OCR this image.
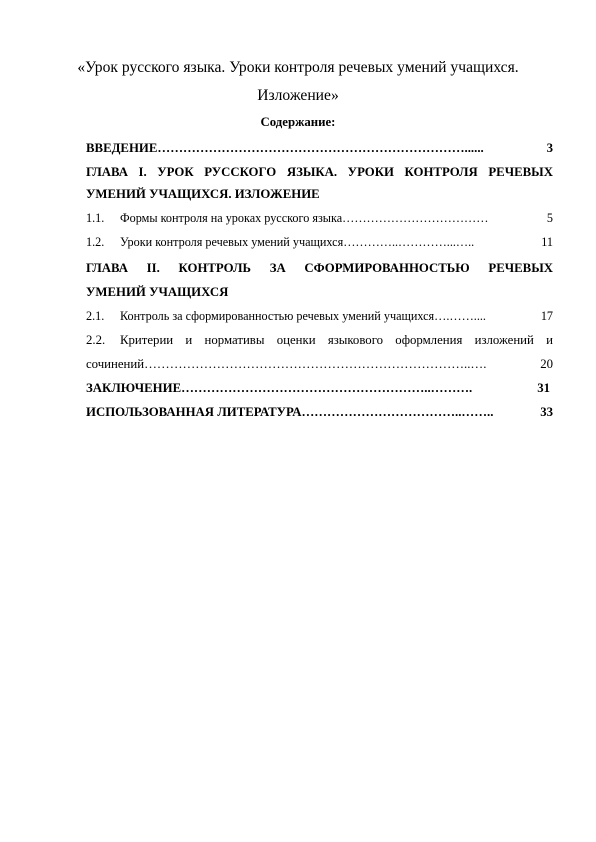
«Урок русского языка. Уроки контроля речевых умений учащихся.
Изложение»
Содержание:
ВВЕДЕНИЕ ………………………………………………………………......	3
ГЛАВА I. УРОК РУССКОГО ЯЗЫКА. УРОКИ КОНТРОЛЯ РЕЧЕВЫХ
УМЕНИЙ УЧАЩИХСЯ. ИЗЛОЖЕНИЕ
1.1.	Формы контроля на уроках русского языка ………………………………	5
1.2.	Уроки контроля речевых умений учащихся …………..…………...…..	11
ГЛАВА II. КОНТРОЛЬ ЗА СФОРМИРОВАННОСТЬЮ РЕЧЕВЫХ
УМЕНИЙ УЧАЩИХСЯ
2.1.	Контроль за сформированностью речевых умений учащихся ….……....	17
2.2.	Критерии и нормативы оценки языкового оформления изложений и
сочинений …………………………………………………………………..….	20
ЗАКЛЮЧЕНИЕ …………………………………………………..……….	31
ИСПОЛЬЗОВАННАЯ ЛИТЕРАТУРА ………………………………..……..	33
